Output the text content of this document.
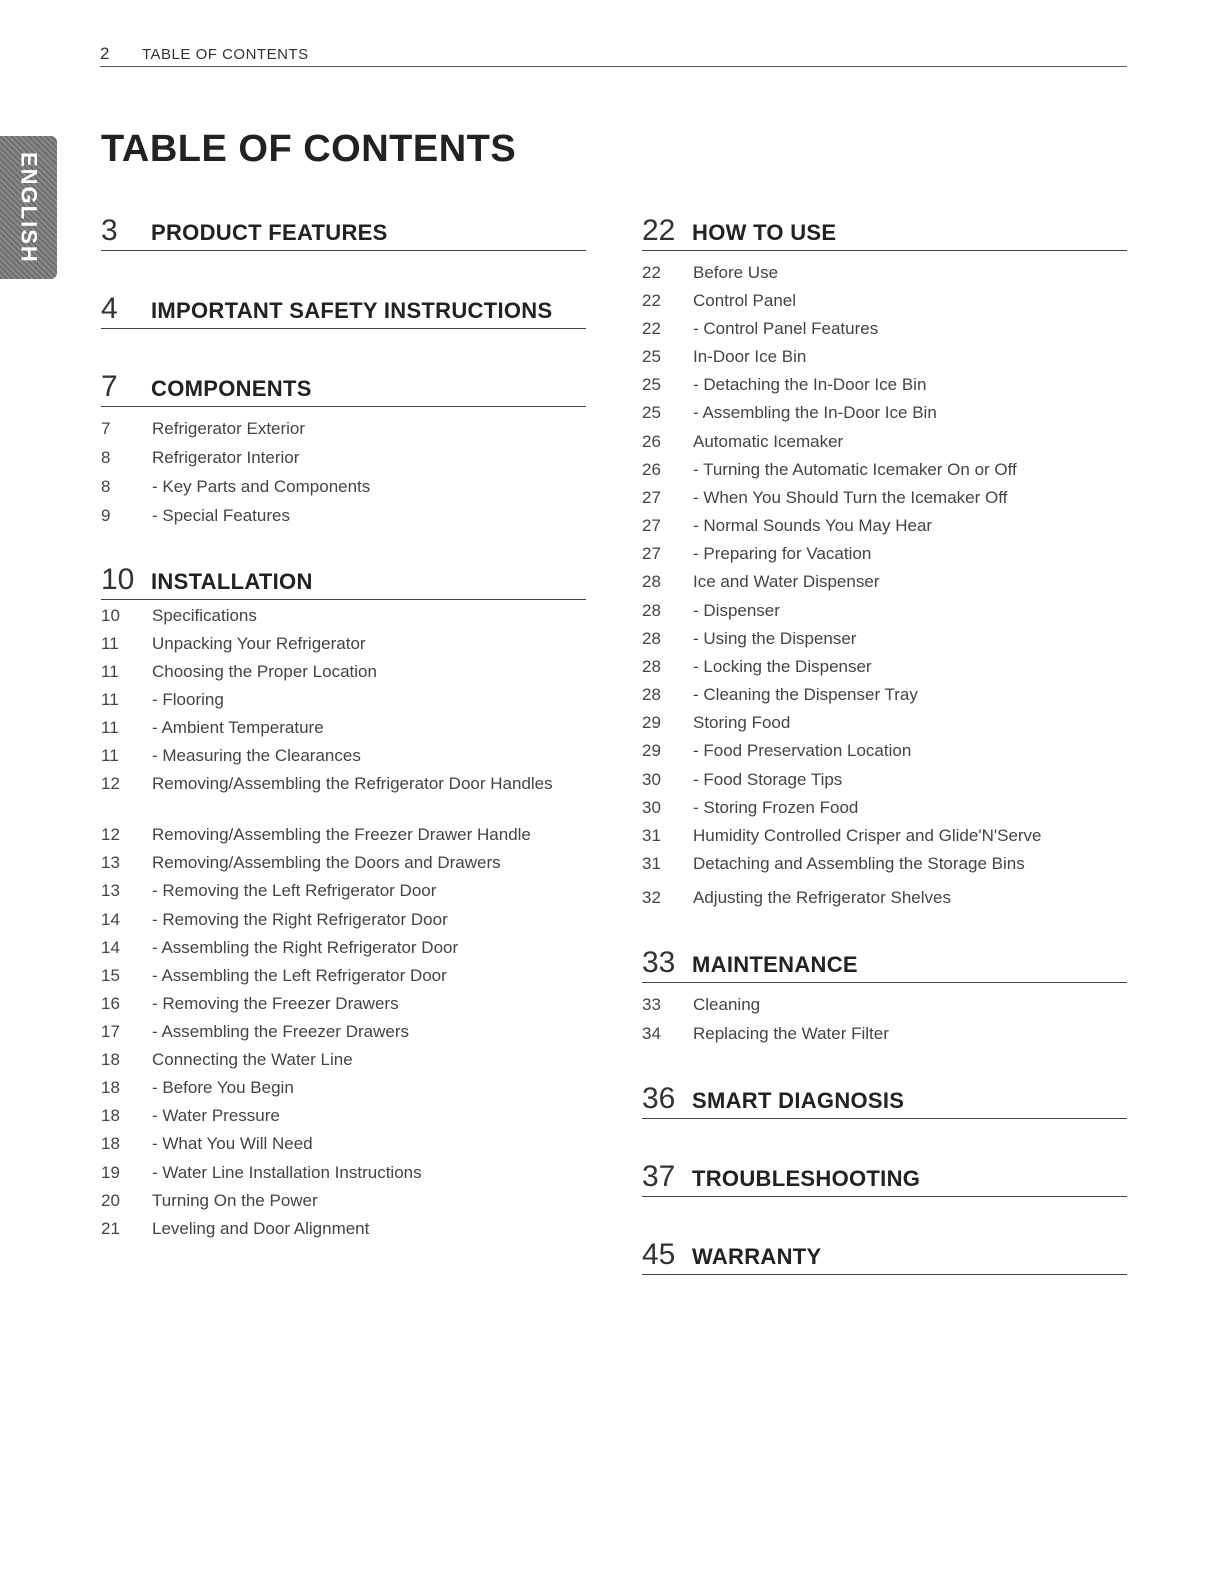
2 TABLE OF CONTENTS
ENGLISH
TABLE OF CONTENTS
3	PRODUCT FEATURES
4	IMPORTANT SAFETY INSTRUCTIONS
7	COMPONENTS
7	Refrigerator Exterior
8	Refrigerator Interior
8	- Key Parts and Components
9	- Special Features
10 INSTALLATION
10	Specifications
11	Unpacking Your Refrigerator
11	Choosing the Proper Location
11	- Flooring
11	- Ambient Temperature
11	- Measuring the Clearances
12	Removing/Assembling the Refrigerator Door Handles
12	Removing/Assembling the Freezer Drawer Handle
13	Removing/Assembling the Doors and Drawers
13	- Removing the Left Refrigerator Door
14	- Removing the Right Refrigerator Door
14	- Assembling the Right Refrigerator Door
15	- Assembling the Left Refrigerator Door
16	- Removing the Freezer Drawers
17	- Assembling the Freezer Drawers
18	Connecting the Water Line
18	- Before You Begin
18	- Water Pressure
18	- What You Will Need
19	- Water Line Installation Instructions
20	Turning On the Power
21	Leveling and Door Alignment
22 HOW TO USE
22	Before Use
22	Control Panel
22	- Control Panel Features
25	In-Door Ice Bin
25	- Detaching the In-Door Ice Bin
25	- Assembling the In-Door Ice Bin
26	Automatic Icemaker
26	- Turning the Automatic Icemaker On or Off
27	- When You Should Turn the Icemaker Off
27	- Normal Sounds You May Hear
27	- Preparing for Vacation
28	Ice and Water Dispenser
28	- Dispenser
28	- Using the Dispenser
28	- Locking the Dispenser
28	- Cleaning the Dispenser Tray
29	Storing Food
29	- Food Preservation Location
30	- Food Storage Tips
30	- Storing Frozen Food
31	Humidity Controlled Crisper and Glide'N'Serve
31	Detaching and Assembling the Storage Bins
32	Adjusting the Refrigerator Shelves
33 MAINTENANCE
33	Cleaning
34	Replacing the Water Filter
36 SMART DIAGNOSIS
37 TROUBLESHOOTING
45 WARRANTY
